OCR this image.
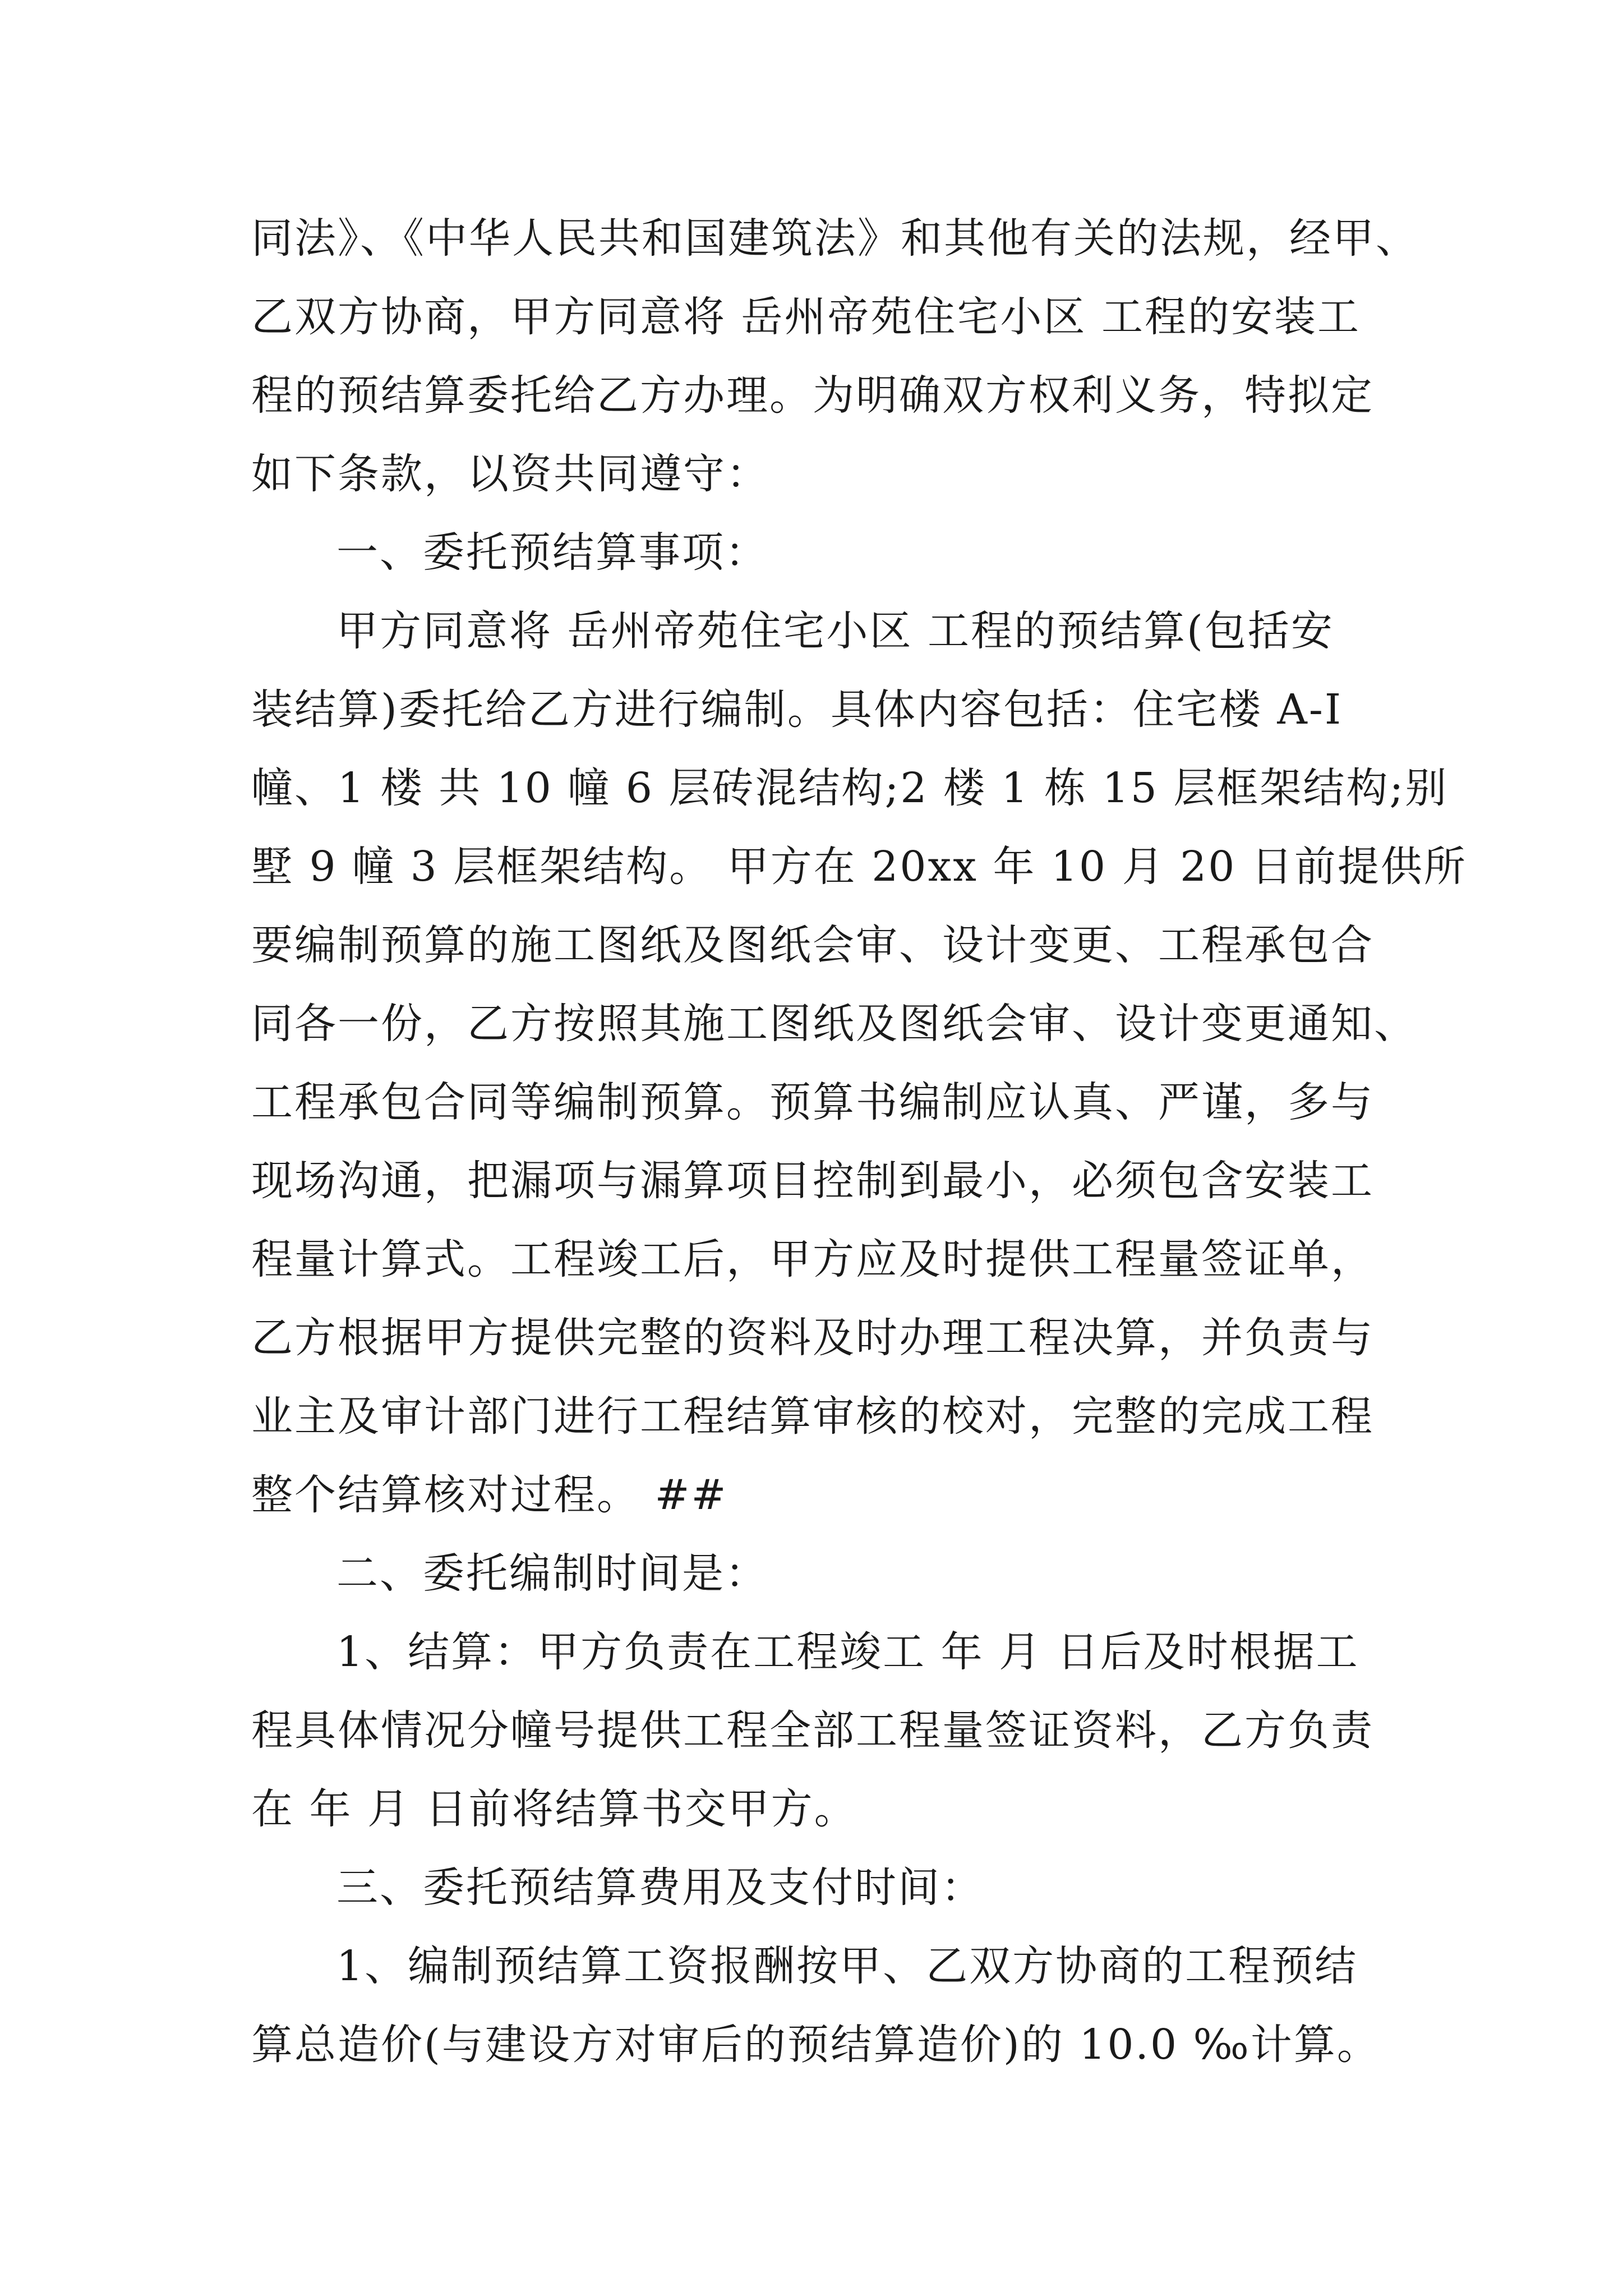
同法》、《中华人民共和国建筑法》和其他有关的法规，经甲、
乙双方协商，甲方同意将 岳州帝苑住宅小区 工程的安装工
程的预结算委托给乙方办理。为明确双方权利义务，特拟定
如下条款，以资共同遵守：
一、委托预结算事项：
甲方同意将 岳州帝苑住宅小区 工程的预结算(包括安
装结算)委托给乙方进行编制。具体内容包括：住宅楼 A-Ⅰ
幢、1 楼 共 10 幢 6 层砖混结构;2 楼 1 栋 15 层框架结构;别
墅 9 幢 3 层框架结构。 甲方在 20xx 年 10 月 20 日前提供所
要编制预算的施工图纸及图纸会审、设计变更、工程承包合
同各一份，乙方按照其施工图纸及图纸会审、设计变更通知、
工程承包合同等编制预算。预算书编制应认真、严谨，多与
现场沟通，把漏项与漏算项目控制到最小，必须包含安装工
程量计算式。工程竣工后，甲方应及时提供工程量签证单，
乙方根据甲方提供完整的资料及时办理工程决算，并负责与
业主及审计部门进行工程结算审核的校对，完整的完成工程
整个结算核对过程。 ##
二、委托编制时间是：
1、结算：甲方负责在工程竣工 年 月 日后及时根据工
程具体情况分幢号提供工程全部工程量签证资料，乙方负责
在 年 月 日前将结算书交甲方。
三、委托预结算费用及支付时间：
1、编制预结算工资报酬按甲、乙双方协商的工程预结
算总造价(与建设方对审后的预结算造价)的 10.0 ‰计算。
